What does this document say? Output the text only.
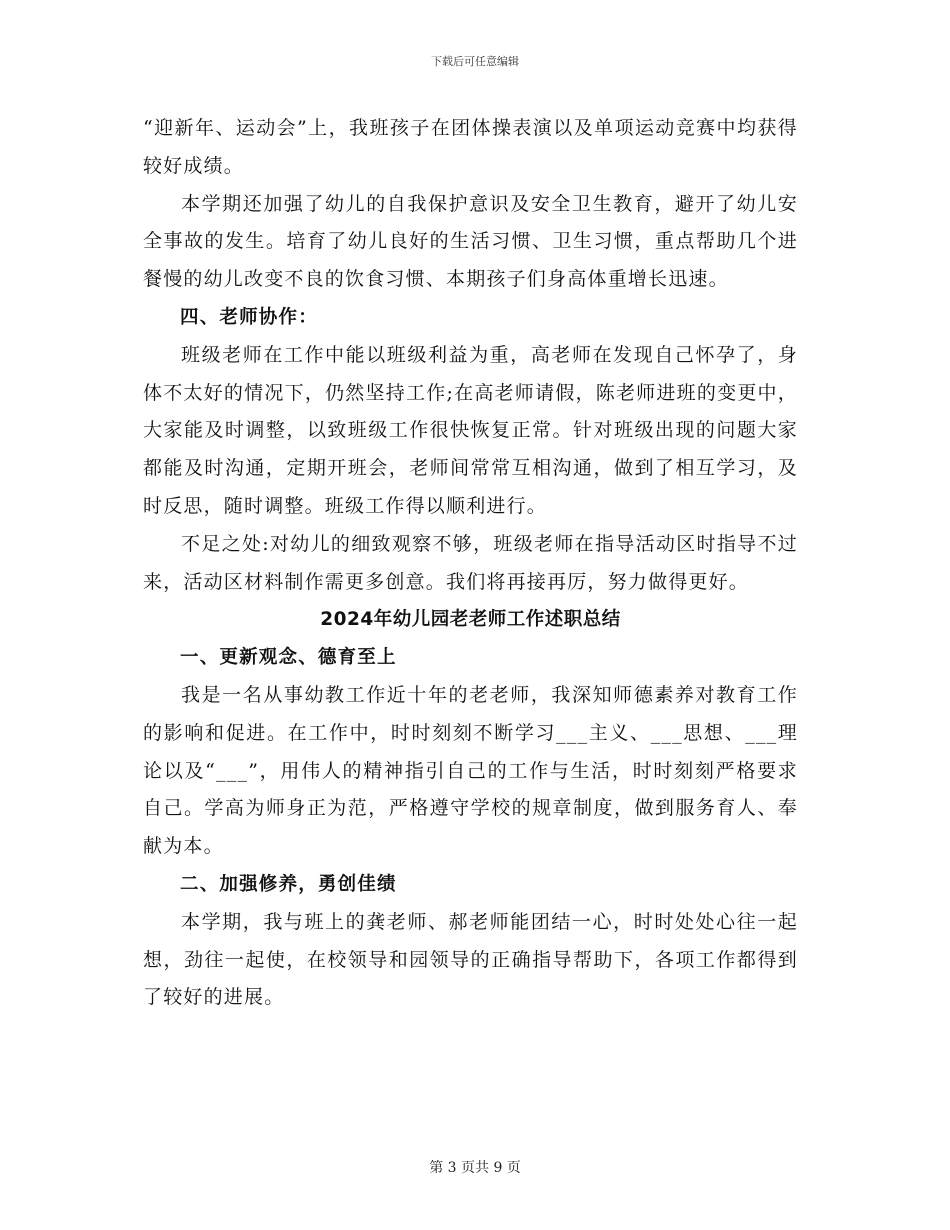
下载后可任意编辑

“迎新年、运动会”上，我班孩子在团体操表演以及单项运动竞赛中均获得较好成绩。

本学期还加强了幼儿的自我保护意识及安全卫生教育，避开了幼儿安全事故的发生。培育了幼儿良好的生活习惯、卫生习惯，重点帮助几个进餐慢的幼儿改变不良的饮食习惯、本期孩子们身高体重增长迅速。

四、老师协作：

班级老师在工作中能以班级利益为重，高老师在发现自己怀孕了，身体不太好的情况下，仍然坚持工作;在高老师请假，陈老师进班的变更中，大家能及时调整，以致班级工作很快恢复正常。针对班级出现的问题大家都能及时沟通，定期开班会，老师间常常互相沟通，做到了相互学习，及时反思，随时调整。班级工作得以顺利进行。

不足之处:对幼儿的细致观察不够，班级老师在指导活动区时指导不过来，活动区材料制作需更多创意。我们将再接再厉，努力做得更好。

2024年幼儿园老老师工作述职总结

一、更新观念、德育至上

我是一名从事幼教工作近十年的老老师，我深知师德素养对教育工作的影响和促进。在工作中，时时刻刻不断学习___主义、___思想、___理论以及“___”，用伟人的精神指引自己的工作与生活，时时刻刻严格要求自己。学高为师身正为范，严格遵守学校的规章制度，做到服务育人、奉献为本。

二、加强修养，勇创佳绩

本学期，我与班上的龚老师、郝老师能团结一心，时时处处心往一起想，劲往一起使，在校领导和园领导的正确指导帮助下，各项工作都得到了较好的进展。

第 3 页共 9 页
